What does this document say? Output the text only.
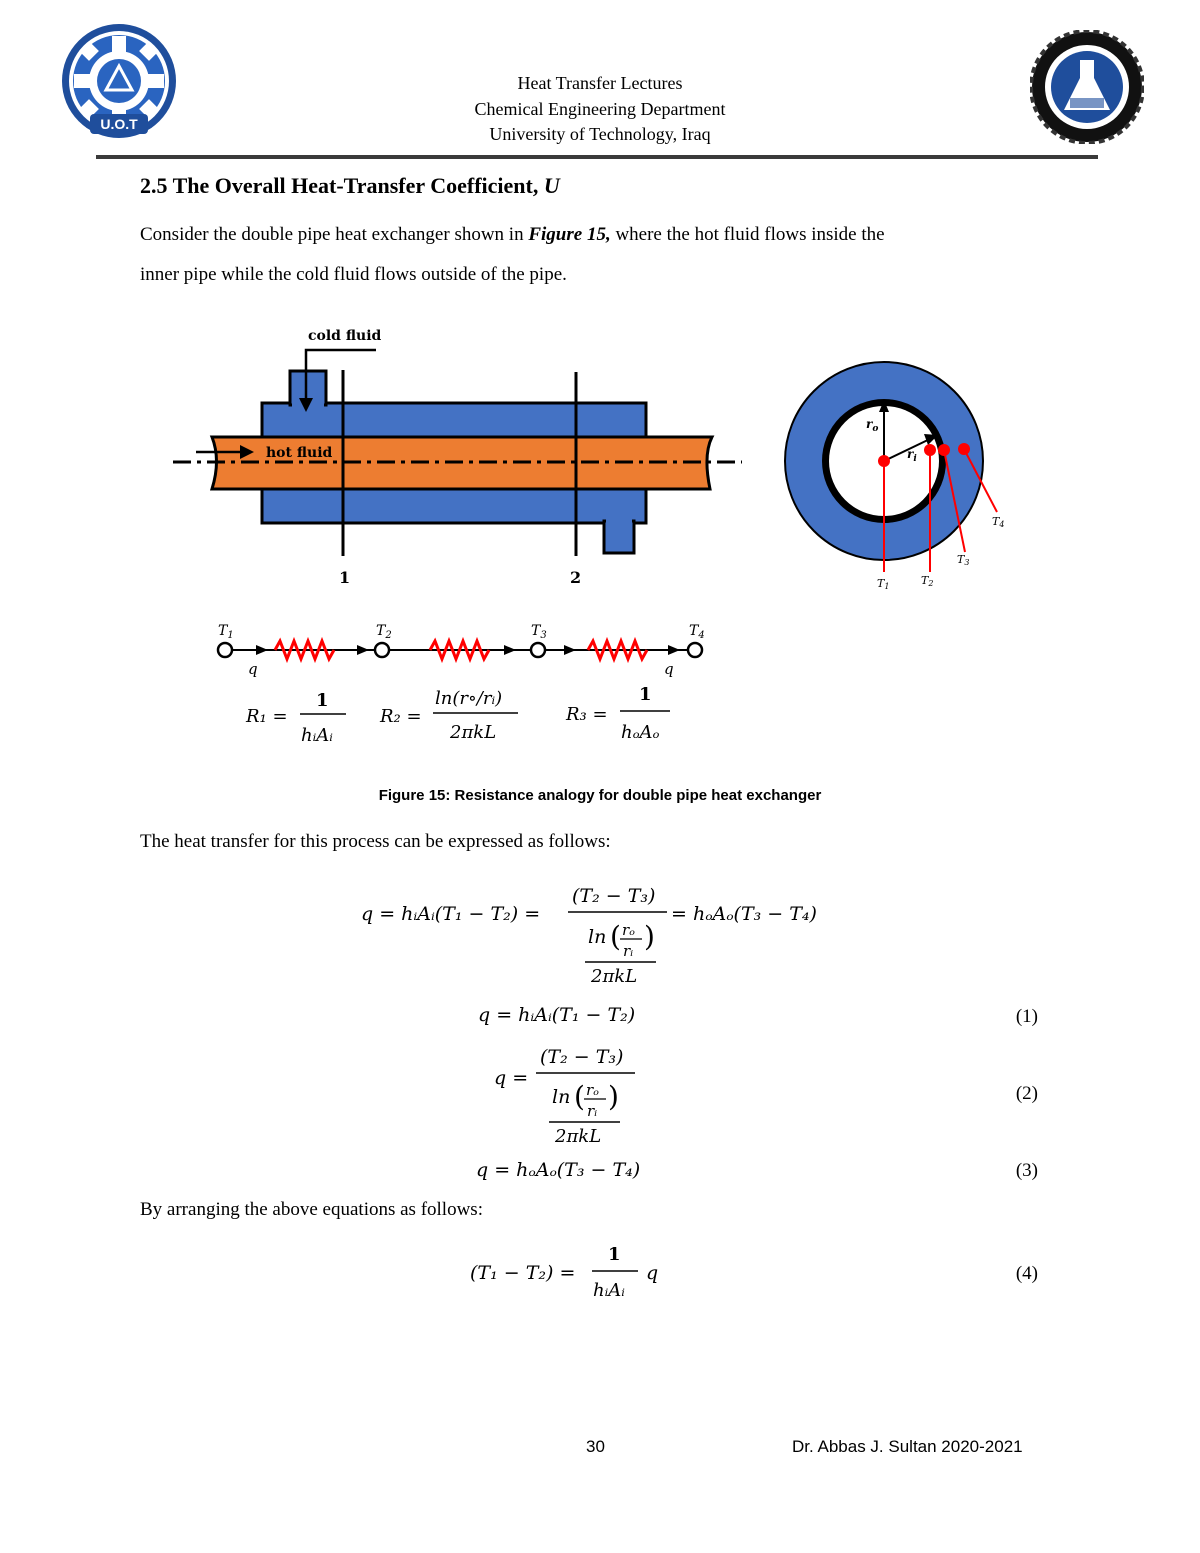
U.O.T
Heat Transfer Lectures
Chemical Engineering Department
University of Technology, Iraq
2.5 The Overall Heat-Transfer Coefficient, U
Consider the double pipe heat exchanger shown in Figure 15, where the hot fluid flows inside the
inner pipe while the cold fluid flows outside of the pipe.
cold fluid
hot fluid
1	2
$r_o$
$r_i$
T1	T2
T3
T4
$T_1$	$T_2$	$T_3$	$T_4$
q	q
R₁ =
1
hᵢAᵢ
R₂ =
ln(r∘/rᵢ)
2πkL
R₃ =
1
hₒAₒ
Figure 15: Resistance analogy for double pipe heat exchanger
The heat transfer for this process can be expressed as follows:
q = hᵢAᵢ(T₁ − T₂) =
(T₂ − T₃)
ln ( rₒ
rᵢ )
2πkL
= hₒAₒ(T₃ − T₄)
q = hᵢAᵢ(T₁ − T₂)	(1)
q =
(T₂ − T₃)
ln ( rₒ
rᵢ )
2πkL
(2)
q = hₒAₒ(T₃ − T₄)	(3)
By arranging the above equations as follows:
(T₁ − T₂) =
1
hᵢAᵢ
q	(4)
30	Dr. Abbas J. Sultan 2020-2021
